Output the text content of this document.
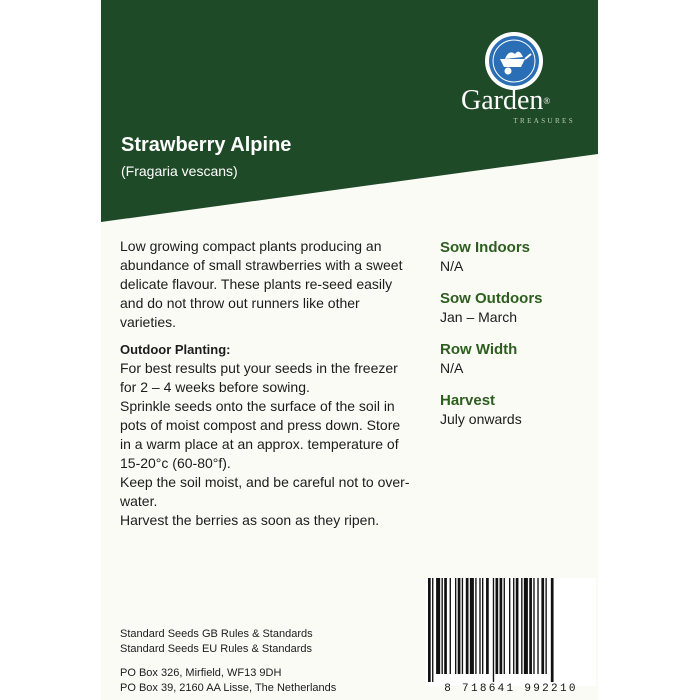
Garden®
TREASURES
Strawberry Alpine
(Fragaria vescans)

Low growing compact plants producing an abundance of small strawberries with a sweet delicate flavour. These plants re-seed easily and do not throw out runners like other varieties.

Outdoor Planting:

For best results put your seeds in the freezer for 2 – 4 weeks before sowing.

Sprinkle seeds onto the surface of the soil in pots of moist compost and press down. Store in a warm place at an approx. temperature of 15-20°c (60-80°f).

Keep the soil moist, and be careful not to over-water.

Harvest the berries as soon as they ripen.

Sow Indoors
N/A
Sow Outdoors
Jan – March
Row Width
N/A
Harvest
July onwards
Standard Seeds GB Rules & Standards
Standard Seeds EU Rules & Standards
PO Box 326, Mirfield, WF13 9DH
PO Box 39, 2160 AA Lisse, The Netherlands	8 718641 992210
